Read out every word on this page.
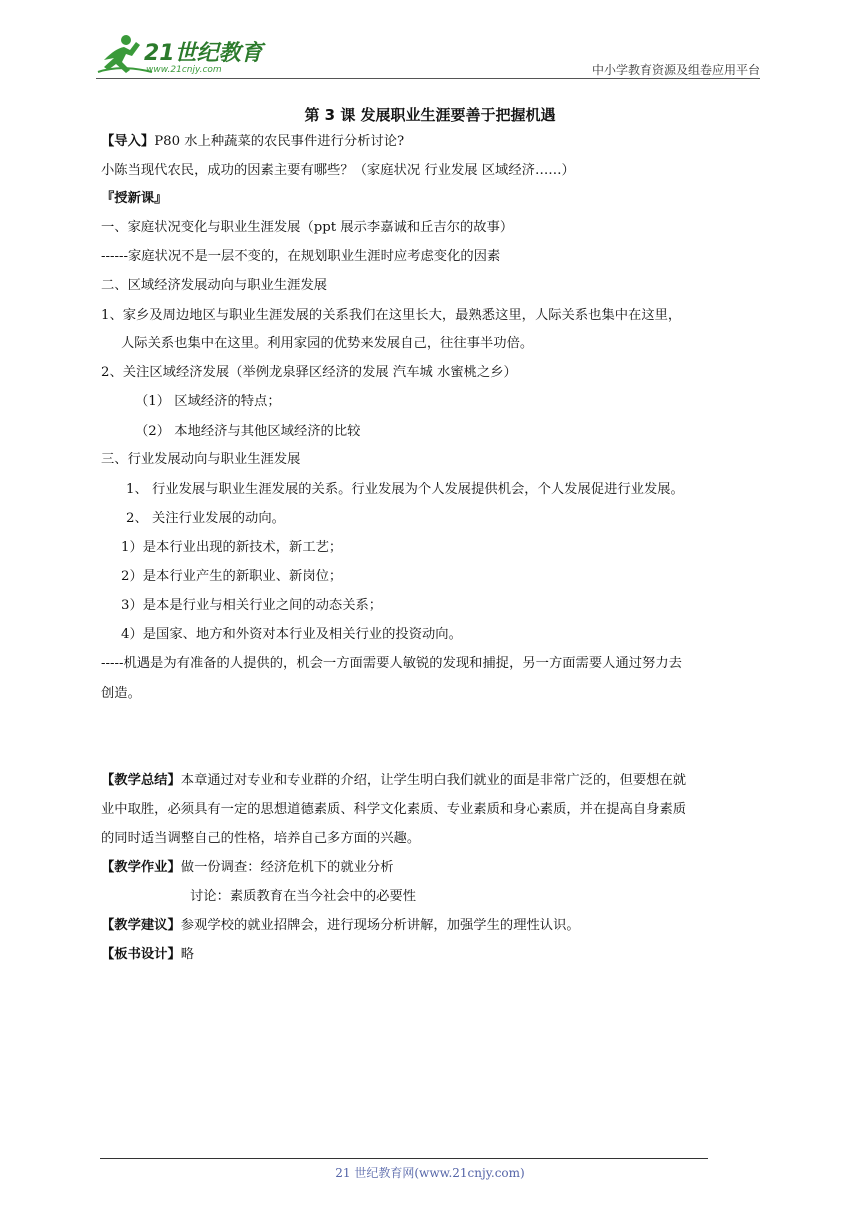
21世纪教育
www.21cnjy.com	中小学教育资源及组卷应用平台
第 3 课 发展职业生涯要善于把握机遇
【导入】P80 水上种蔬菜的农民事件进行分析讨论?
小陈当现代农民，成功的因素主要有哪些？（家庭状况 行业发展 区域经济……）
『授新课』
一、家庭状况变化与职业生涯发展（ppt 展示李嘉诚和丘吉尔的故事）
------家庭状况不是一层不变的，在规划职业生涯时应考虑变化的因素
二、区域经济发展动向与职业生涯发展
1、家乡及周边地区与职业生涯发展的关系我们在这里长大，最熟悉这里，人际关系也集中在这里，
人际关系也集中在这里。利用家园的优势来发展自己，往往事半功倍。
2、关注区域经济发展（举例龙泉驿区经济的发展 汽车城 水蜜桃之乡）
（1） 区域经济的特点；
（2） 本地经济与其他区域经济的比较
三、行业发展动向与职业生涯发展
1、 行业发展与职业生涯发展的关系。行业发展为个人发展提供机会，个人发展促进行业发展。
2、 关注行业发展的动向。
1）是本行业出现的新技术，新工艺；
2）是本行业产生的新职业、新岗位；
3）是本是行业与相关行业之间的动态关系；
4）是国家、地方和外资对本行业及相关行业的投资动向。
-----机遇是为有准备的人提供的，机会一方面需要人敏锐的发现和捕捉，另一方面需要人通过努力去
创造。
【教学总结】本章通过对专业和专业群的介绍，让学生明白我们就业的面是非常广泛的，但要想在就
业中取胜，必须具有一定的思想道德素质、科学文化素质、专业素质和身心素质，并在提高自身素质
的同时适当调整自己的性格，培养自己多方面的兴趣。
【教学作业】做一份调查：经济危机下的就业分析
讨论：素质教育在当今社会中的必要性
【教学建议】参观学校的就业招牌会，进行现场分析讲解，加强学生的理性认识。
【板书设计】略
21 世纪教育网(www.21cnjy.com)
